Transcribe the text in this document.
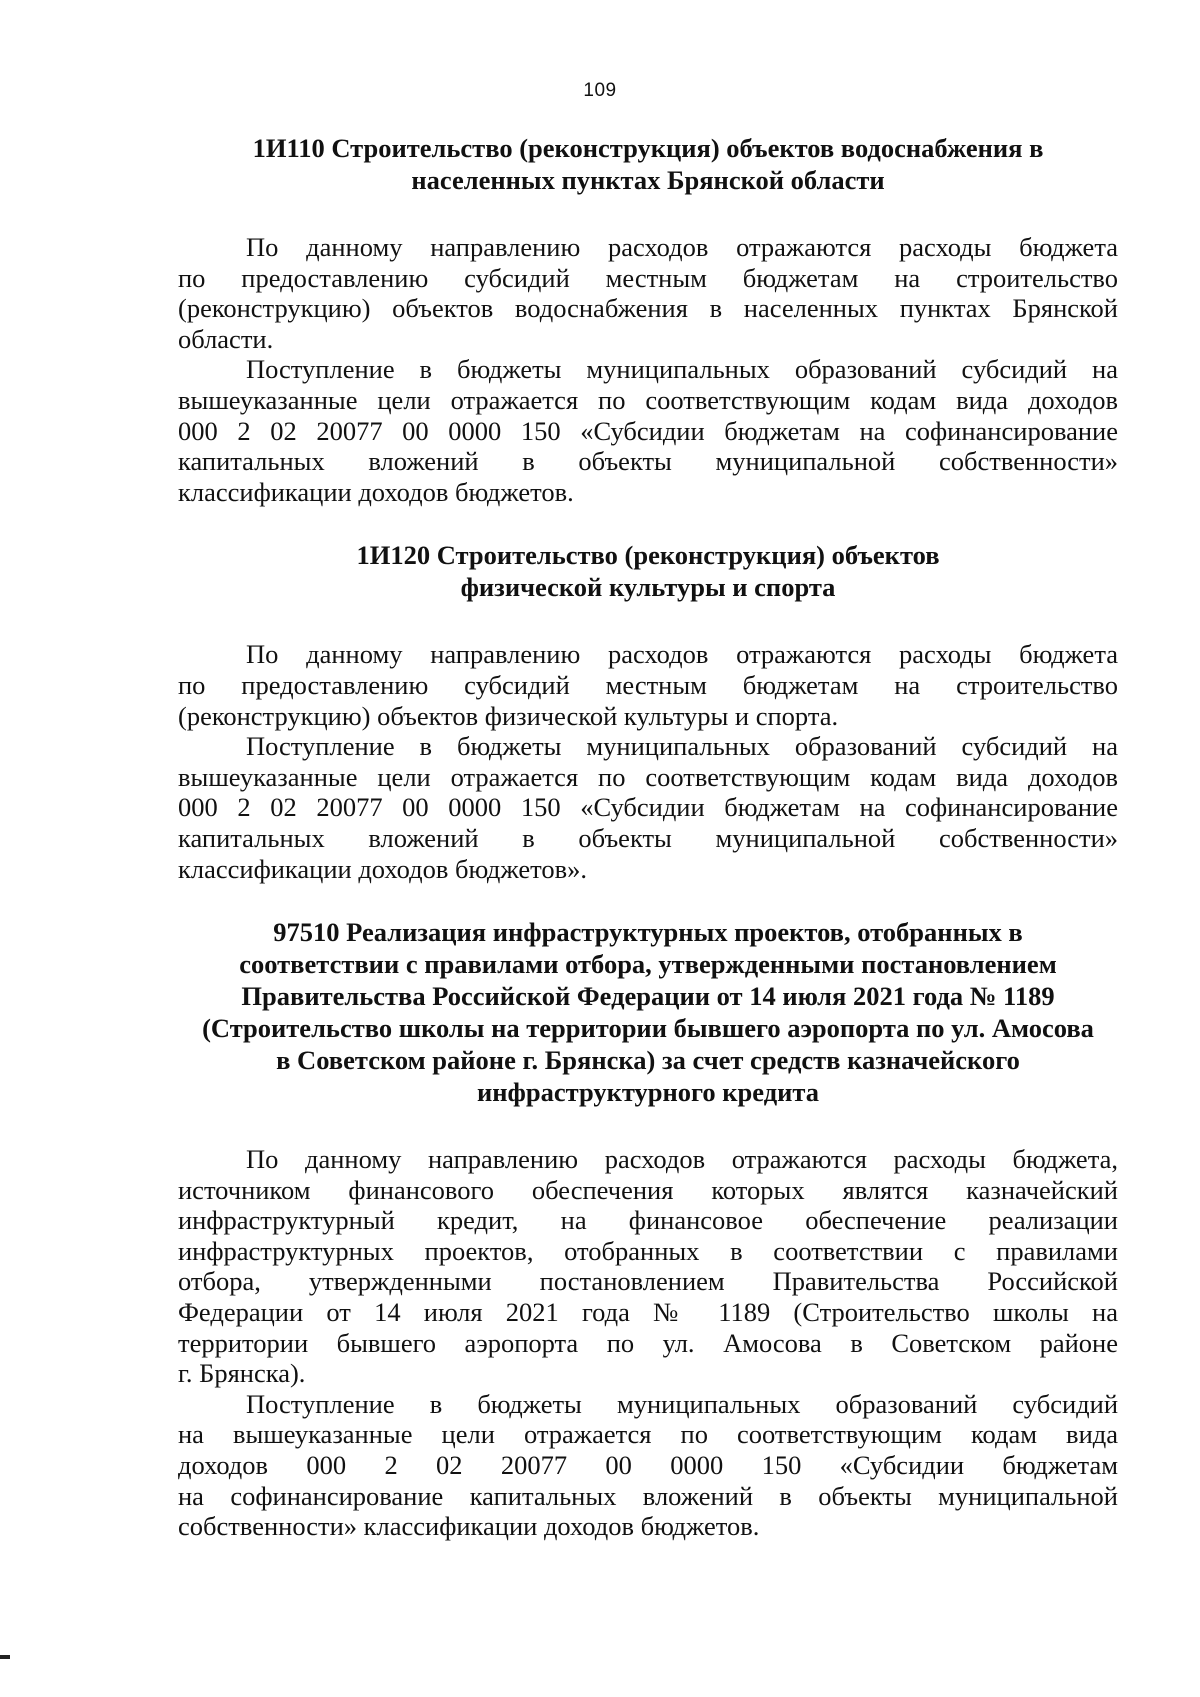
109
1И110 Строительство (реконструкция) объектов водоснабжения в
населенных пунктах Брянской области

По данному направлению расходов отражаются расходы бюджета
по предоставлению субсидий местным бюджетам на строительство
(реконструкцию) объектов водоснабжения в населенных пунктах Брянской
области.

Поступление в бюджеты муниципальных образований субсидий на
вышеуказанные цели отражается по соответствующим кодам вида доходов
000 2 02 20077 00 0000 150 «Субсидии бюджетам на софинансирование
капитальных вложений в объекты муниципальной собственности»
классификации доходов бюджетов.

1И120 Строительство (реконструкция) объектов
физической культуры и спорта

По данному направлению расходов отражаются расходы бюджета
по предоставлению субсидий местным бюджетам на строительство
(реконструкцию) объектов физической культуры и спорта.

Поступление в бюджеты муниципальных образований субсидий на
вышеуказанные цели отражается по соответствующим кодам вида доходов
000 2 02 20077 00 0000 150 «Субсидии бюджетам на софинансирование
капитальных вложений в объекты муниципальной собственности»
классификации доходов бюджетов».

97510 Реализация инфраструктурных проектов, отобранных в
соответствии с правилами отбора, утвержденными постановлением
Правительства Российской Федерации от 14 июля 2021 года № 1189
(Строительство школы на территории бывшего аэропорта по ул. Амосова
в Советском районе г. Брянска) за счет средств казначейского
инфраструктурного кредита

По данному направлению расходов отражаются расходы бюджета,
источником финансового обеспечения которых являтся казначейский
инфраструктурный кредит, на финансовое обеспечение реализации
инфраструктурных проектов, отобранных в соответствии с правилами
отбора, утвержденными постановлением Правительства Российской
Федерации от 14 июля 2021 года № 1189 (Строительство школы на
территории бывшего аэропорта по ул. Амосова в Советском районе
г. Брянска).

Поступление в бюджеты муниципальных образований субсидий
на вышеуказанные цели отражается по соответствующим кодам вида
доходов 000 2 02 20077 00 0000 150 «Субсидии бюджетам
на софинансирование капитальных вложений в объекты муниципальной
собственности» классификации доходов бюджетов.
